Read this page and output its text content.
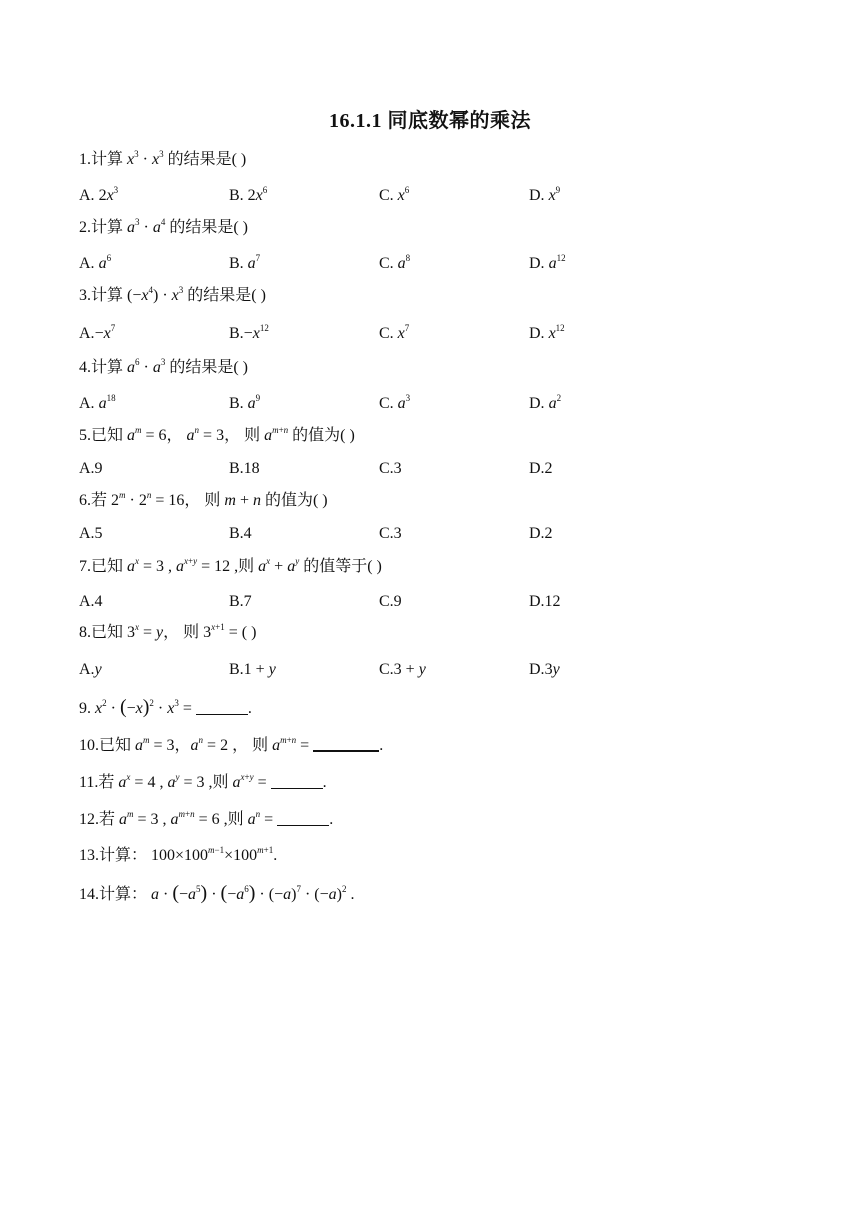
16.1.1 同底数幂的乘法
1.计算 $x^3 \cdot x^3$ 的结果是( )
A. $2x^3$	B. $2x^6$	C. $x^6$	D. $x^9$
2.计算 $a^3 \cdot a^4$ 的结果是( )
A. $a^6$	B. $a^7$	C. $a^8$	D. $a^{12}$
3.计算 $(-x^4) \cdot x^3$ 的结果是( )
$A.-x^7$	$B.-x^{12}$	C. $x^7$	D. $x^{12}$
4.计算 $a^6 \cdot a^3$ 的结果是( )
A. $a^{18}$	B. $a^9$	C. $a^3$	D. $a^2$
5.已知 $a^m = 6$， $a^n = 3$， 则 $a^{m+n}$ 的值为( )
A.9	B.18	C.3	D.2
6.若 $2^m \cdot 2^n = 16$， 则 m + n 的值为( )
A.5	B.4	C.3	D.2
7.已知 $a^x = 3$ , $a^{x+y} = 12$ ,则 $a^x + a^y$ 的值等于( )
A.4	B.7	C.9	D.12
8.已知 $3^x = y$， 则 $3^{x+1}$ = ( )
A.y	B.1 + y	C.3 + y	D.3y
9. $x^2 \cdot (-x)^2 \cdot x^3$ =	.
10.已知 $a^m = 3$，$a^n = 2$ ， 则 $a^{m+n}$ =	.
11.若 $a^x = 4$ , $a^y = 3$ ,则 $a^{x+y}$ =	.
12.若 $a^m = 3$ , $a^{m+n} = 6$ ,则 $a^n$ =	.
13.计算： $100\times 100^{m-1}\times 100^{m+1}$.
14.计算： $a \cdot (-a^5) \cdot (-a^6) \cdot (-a)^7 \cdot (-a)^2$ .
